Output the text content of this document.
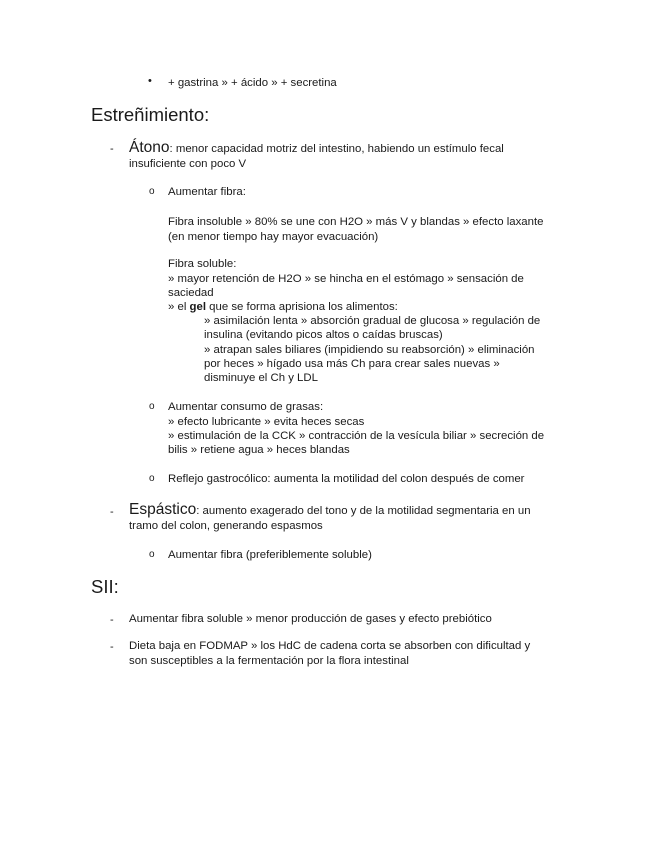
• + gastrina » + ácido » + secretina
Estreñimiento:
- Átono: menor capacidad motriz del intestino, habiendo un estímulo fecal
insuficiente con poco V
o Aumentar fibra:
Fibra insoluble » 80% se une con H2O » más V y blandas » efecto laxante
(en menor tiempo hay mayor evacuación)
Fibra soluble:
» mayor retención de H2O » se hincha en el estómago » sensación de
saciedad
» el gel que se forma aprisiona los alimentos:
» asimilación lenta » absorción gradual de glucosa » regulación de
insulina (evitando picos altos o caídas bruscas)
» atrapan sales biliares (impidiendo su reabsorción) » eliminación
por heces » hígado usa más Ch para crear sales nuevas »
disminuye el Ch y LDL
o Aumentar consumo de grasas:
» efecto lubricante » evita heces secas
» estimulación de la CCK » contracción de la vesícula biliar » secreción de
bilis » retiene agua » heces blandas
o Reflejo gastrocólico: aumenta la motilidad del colon después de comer
- Espástico: aumento exagerado del tono y de la motilidad segmentaria en un
tramo del colon, generando espasmos
o Aumentar fibra (preferiblemente soluble)
SII:
- Aumentar fibra soluble » menor producción de gases y efecto prebiótico
- Dieta baja en FODMAP » los HdC de cadena corta se absorben con dificultad y
son susceptibles a la fermentación por la flora intestinal
